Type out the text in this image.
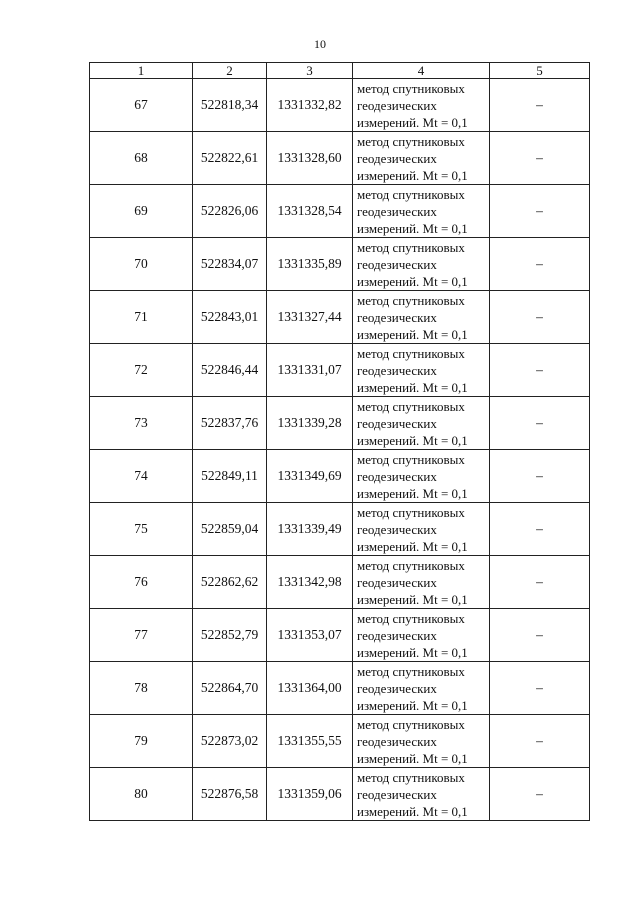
10
1	2	3	4	5
67	522818,34	1331332,82	метод спутниковых геодезических измерений. Mt = 0,1	–
68	522822,61	1331328,60	метод спутниковых геодезических измерений. Mt = 0,1	–
69	522826,06	1331328,54	метод спутниковых геодезических измерений. Mt = 0,1	–
70	522834,07	1331335,89	метод спутниковых геодезических измерений. Mt = 0,1	–
71	522843,01	1331327,44	метод спутниковых геодезических измерений. Mt = 0,1	–
72	522846,44	1331331,07	метод спутниковых геодезических измерений. Mt = 0,1	–
73	522837,76	1331339,28	метод спутниковых геодезических измерений. Mt = 0,1	–
74	522849,11	1331349,69	метод спутниковых геодезических измерений. Mt = 0,1	–
75	522859,04	1331339,49	метод спутниковых геодезических измерений. Mt = 0,1	–
76	522862,62	1331342,98	метод спутниковых геодезических измерений. Mt = 0,1	–
77	522852,79	1331353,07	метод спутниковых геодезических измерений. Mt = 0,1	–
78	522864,70	1331364,00	метод спутниковых геодезических измерений. Mt = 0,1	–
79	522873,02	1331355,55	метод спутниковых геодезических измерений. Mt = 0,1	–
80	522876,58	1331359,06	метод спутниковых геодезических измерений. Mt = 0,1	–
